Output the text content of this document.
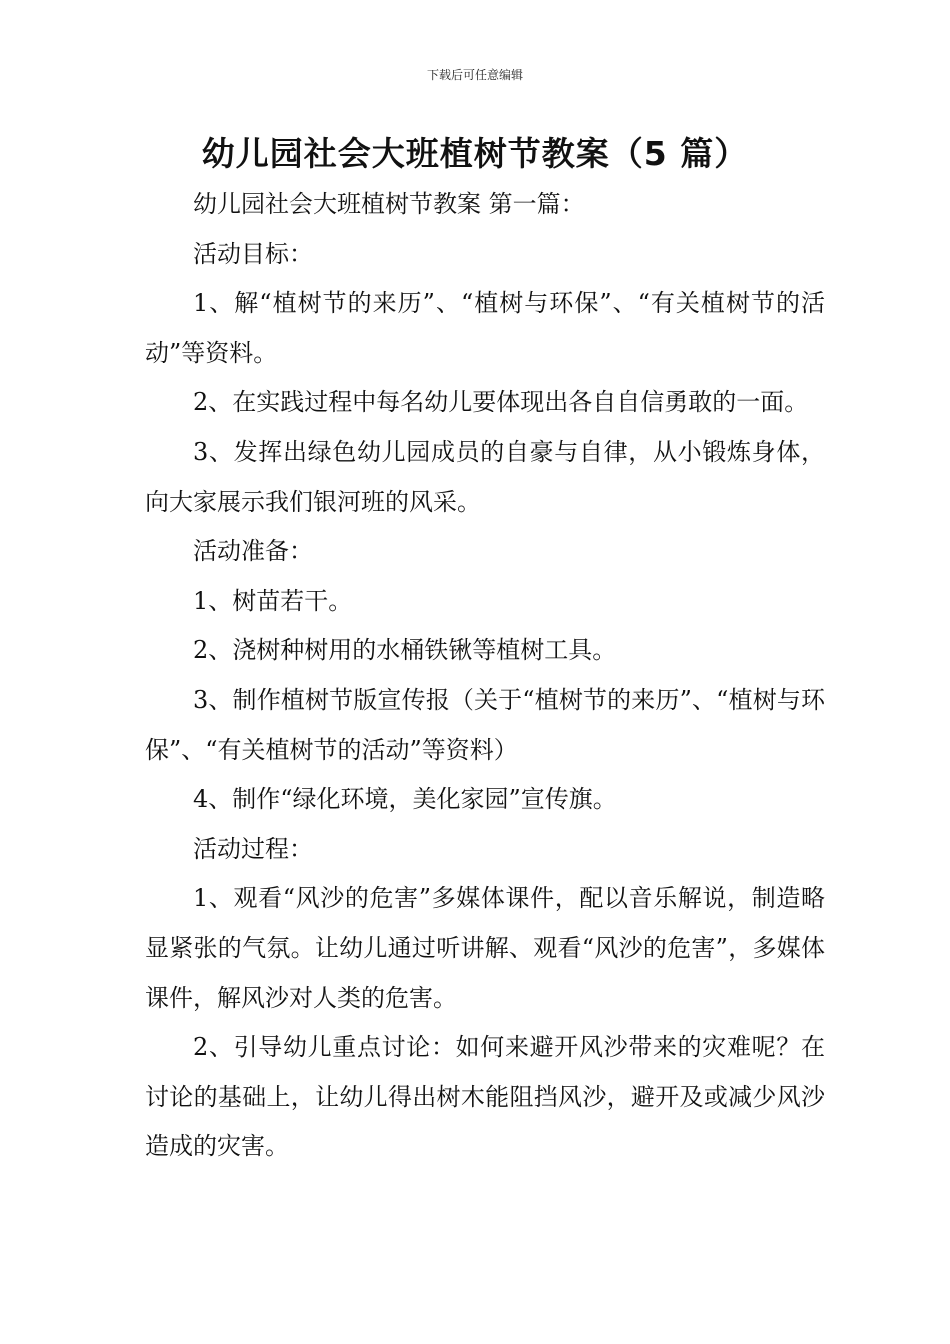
下载后可任意编辑
幼儿园社会大班植树节教案（5 篇）

幼儿园社会大班植树节教案 第一篇：

活动目标：

1、解“植树节的来历”、“植树与环保”、“有关植树节的活动”等资料。

2、在实践过程中每名幼儿要体现出各自自信勇敢的一面。

3、发挥出绿色幼儿园成员的自豪与自律，从小锻炼身体，向大家展示我们银河班的风采。

活动准备：

1、树苗若干。

2、浇树种树用的水桶铁锹等植树工具。

3、制作植树节版宣传报（关于“植树节的来历”、“植树与环保”、“有关植树节的活动”等资料）

4、制作“绿化环境，美化家园”宣传旗。

活动过程：

1、观看“风沙的危害”多媒体课件，配以音乐解说，制造略显紧张的气氛。让幼儿通过听讲解、观看“风沙的危害”，多媒体课件，解风沙对人类的危害。

2、引导幼儿重点讨论：如何来避开风沙带来的灾难呢？在讨论的基础上，让幼儿得出树木能阻挡风沙，避开及或减少风沙造成的灾害。
